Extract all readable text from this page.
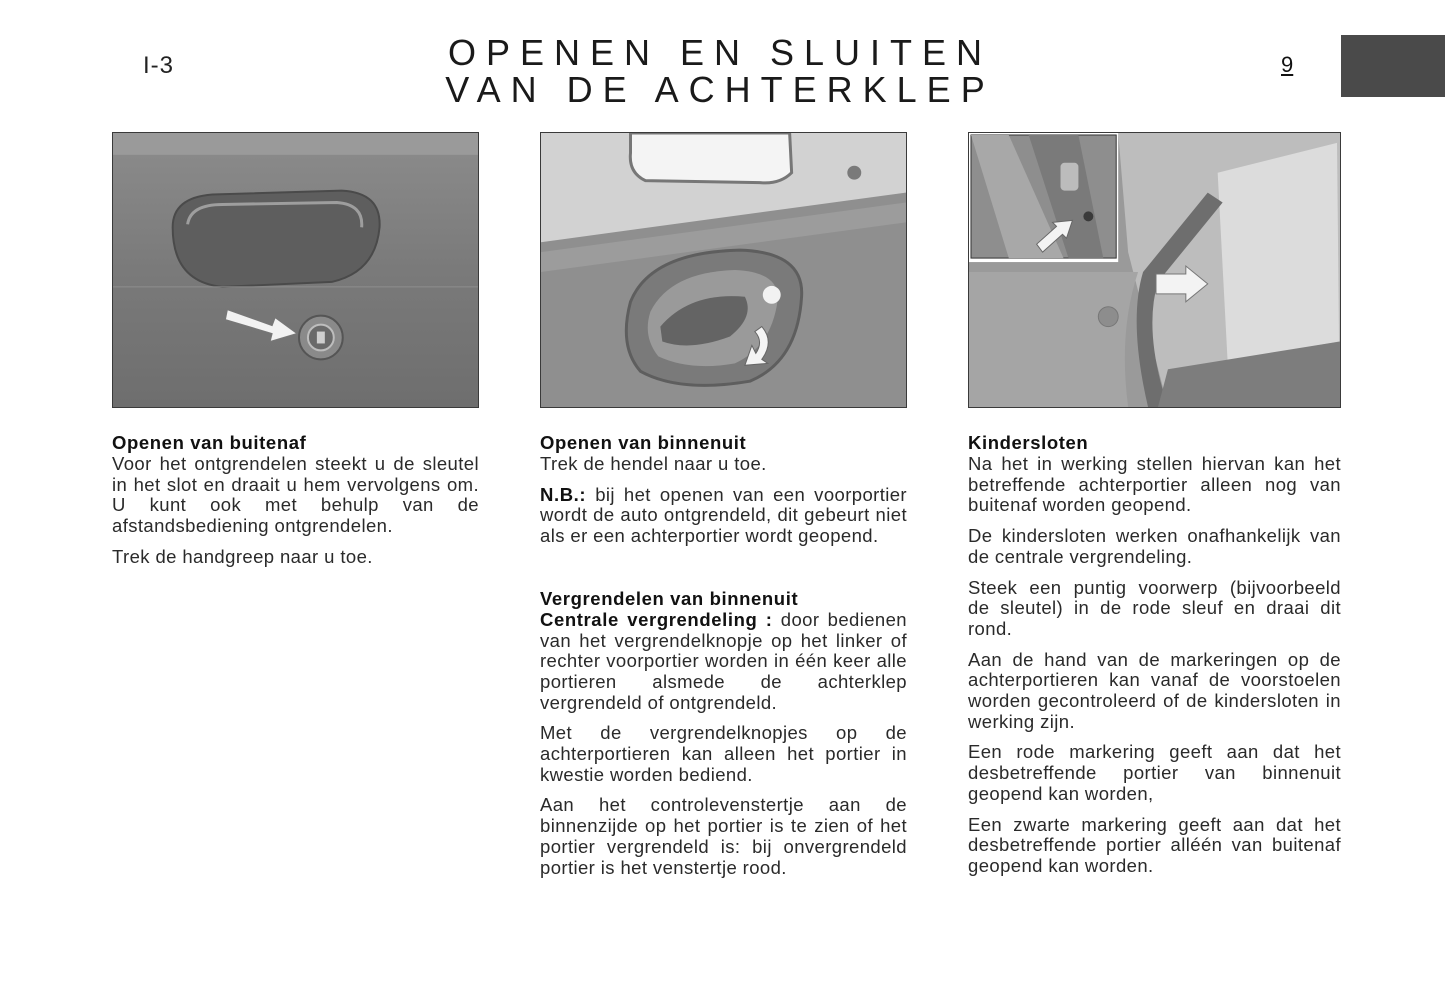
I-3	OPENEN EN SLUITEN
VAN DE ACHTERKLEP
9
Openen van buitenaf

Voor het ontgrendelen steekt u de sleutel in het slot en draait u hem vervolgens om. U kunt ook met behulp van de afstandsbediening ontgrendelen.

Trek de handgreep naar u toe.

Openen van binnenuit

Trek de hendel naar u toe.

N.B.: bij het openen van een voorportier wordt de auto ontgrendeld, dit gebeurt niet als er een achterportier wordt geopend.

Vergrendelen van binnenuit

Centrale vergrendeling : door bedienen van het vergrendelknopje op het linker of rechter voorportier worden in één keer alle portieren alsmede de achterklep vergrendeld of ontgrendeld.

Met de vergrendelknopjes op de achterportieren kan alleen het portier in kwestie worden bediend.

Aan het controlevenstertje aan de binnenzijde op het portier is te zien of het portier vergrendeld is: bij onvergrendeld portier is het venstertje rood.

Kindersloten

Na het in werking stellen hiervan kan het betreffende achterportier alleen nog van buitenaf worden geopend.

De kindersloten werken onafhankelijk van de centrale vergrendeling.

Steek een puntig voorwerp (bijvoorbeeld de sleutel) in de rode sleuf en draai dit rond.

Aan de hand van de markeringen op de achterportieren kan vanaf de voorstoelen worden gecontroleerd of de kindersloten in werking zijn.

Een rode markering geeft aan dat het desbetreffende portier van binnenuit geopend kan worden,

Een zwarte markering geeft aan dat het desbetreffende portier alléén van buitenaf geopend kan worden.
